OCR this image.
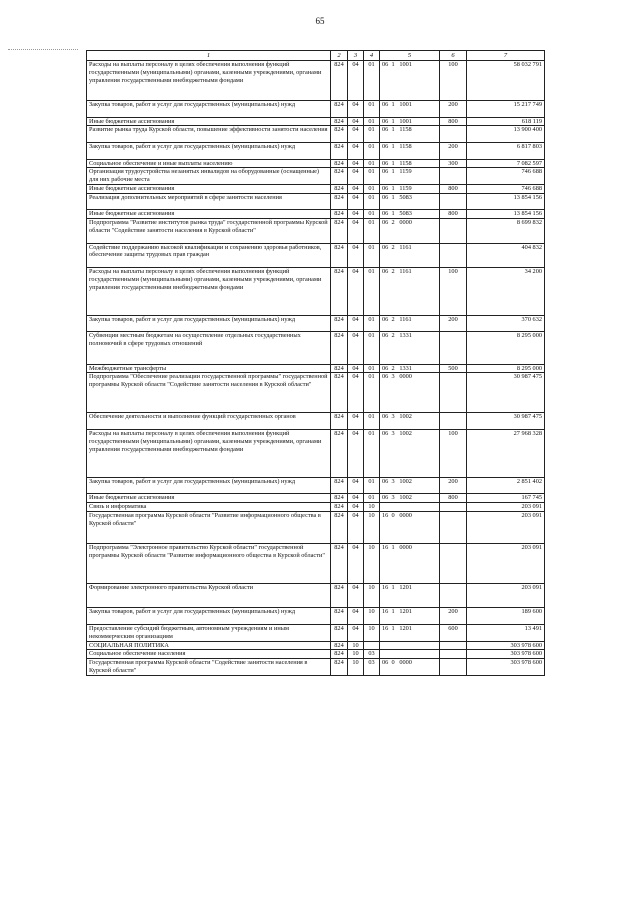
65
1	2	3	4	5	6	7
Расходы на выплаты персоналу в целях обеспечения выполнения функций государственными (муниципальными) органами, казенными учреждениями, органами управления государственными внебюджетными фондами	824	04	01	06  1   1001	100	58 032 791
Закупка товаров, работ и услуг для государственных (муниципальных) нужд	824	04	01	06  1   1001	200	15 217 749
Иные бюджетные ассигнования	824	04	01	06  1   1001	800	618 119
Развитие рынка труда Курской области, повышение эффективности занятости населения	824	04	01	06  1   1158		13 900 400
Закупка товаров, работ и услуг для государственных (муниципальных) нужд	824	04	01	06  1   1158	200	6 817 803
Социальное обеспечение и иные выплаты населению	824	04	01	06  1   1158	300	7 082 597
Организация трудоустройства незанятых инвалидов на оборудованные (оснащенные) для них рабочие места	824	04	01	06  1   1159		746 688
Иные бюджетные ассигнования	824	04	01	06  1   1159	800	746 688
Реализация дополнительных мероприятий в сфере занятости населения	824	04	01	06  1   5083		13 854 156
Иные бюджетные ассигнования	824	04	01	06  1   5083	800	13 854 156
Подпрограмма "Развитие институтов рынка труда" государственной программы Курской области "Содействие занятости населения в Курской области"	824	04	01	06  2   0000		8 699 832
Содействие поддержанию высокой квалификации и сохранению здоровья работников, обеспечение защиты трудовых прав граждан	824	04	01	06  2   1161		404 832
Расходы на выплаты персоналу в целях обеспечения выполнения функций государственными (муниципальными) органами, казенными учреждениями, органами управления государственными внебюджетными фондами	824	04	01	06  2   1161	100	34 200
Закупка товаров, работ и услуг для государственных (муниципальных) нужд	824	04	01	06  2   1161	200	370 632
Субвенции местным бюджетам на осуществление отдельных государственных полномочий в сфере трудовых отношений	824	04	01	06  2   1331		8 295 000
Межбюджетные трансферты	824	04	01	06  2   1331	500	8 295 000
Подпрограмма "Обеспечение реализации государственной программы" государственной программы Курской области "Содействие занятости населения в Курской области"	824	04	01	06  3   0000		30 987 475
Обеспечение деятельности и выполнение функций государственных органов	824	04	01	06  3   1002		30 987 475
Расходы на выплаты персоналу в целях обеспечения выполнения функций государственными (муниципальными) органами, казенными учреждениями, органами управления государственными внебюджетными фондами	824	04	01	06  3   1002	100	27 968 328
Закупка товаров, работ и услуг для государственных (муниципальных) нужд	824	04	01	06  3   1002	200	2 851 402
Иные бюджетные ассигнования	824	04	01	06  3   1002	800	167 745
Связь и информатика	824	04	10			203 091
Государственная программа Курской области "Развитие информационного общества в Курской области"	824	04	10	16  0   0000		203 091
Подпрограмма "Электронное правительство Курской области" государственной программы Курской области "Развитие информационного общества в Курской области"	824	04	10	16  1   0000		203 091
Формирование электронного правительства Курской области	824	04	10	16  1   1201		203 091
Закупка товаров, работ и услуг для государственных (муниципальных) нужд	824	04	10	16  1   1201	200	189 600
Предоставление субсидий бюджетным, автономным учреждениям и иным некоммерческим организациям	824	04	10	16  1   1201	600	13 491
СОЦИАЛЬНАЯ ПОЛИТИКА	824	10				303 978 600
Социальное обеспечение населения	824	10	03			303 978 600
Государственная программа Курской области "Содействие занятости населения в Курской области"	824	10	03	06  0   0000		303 978 600
